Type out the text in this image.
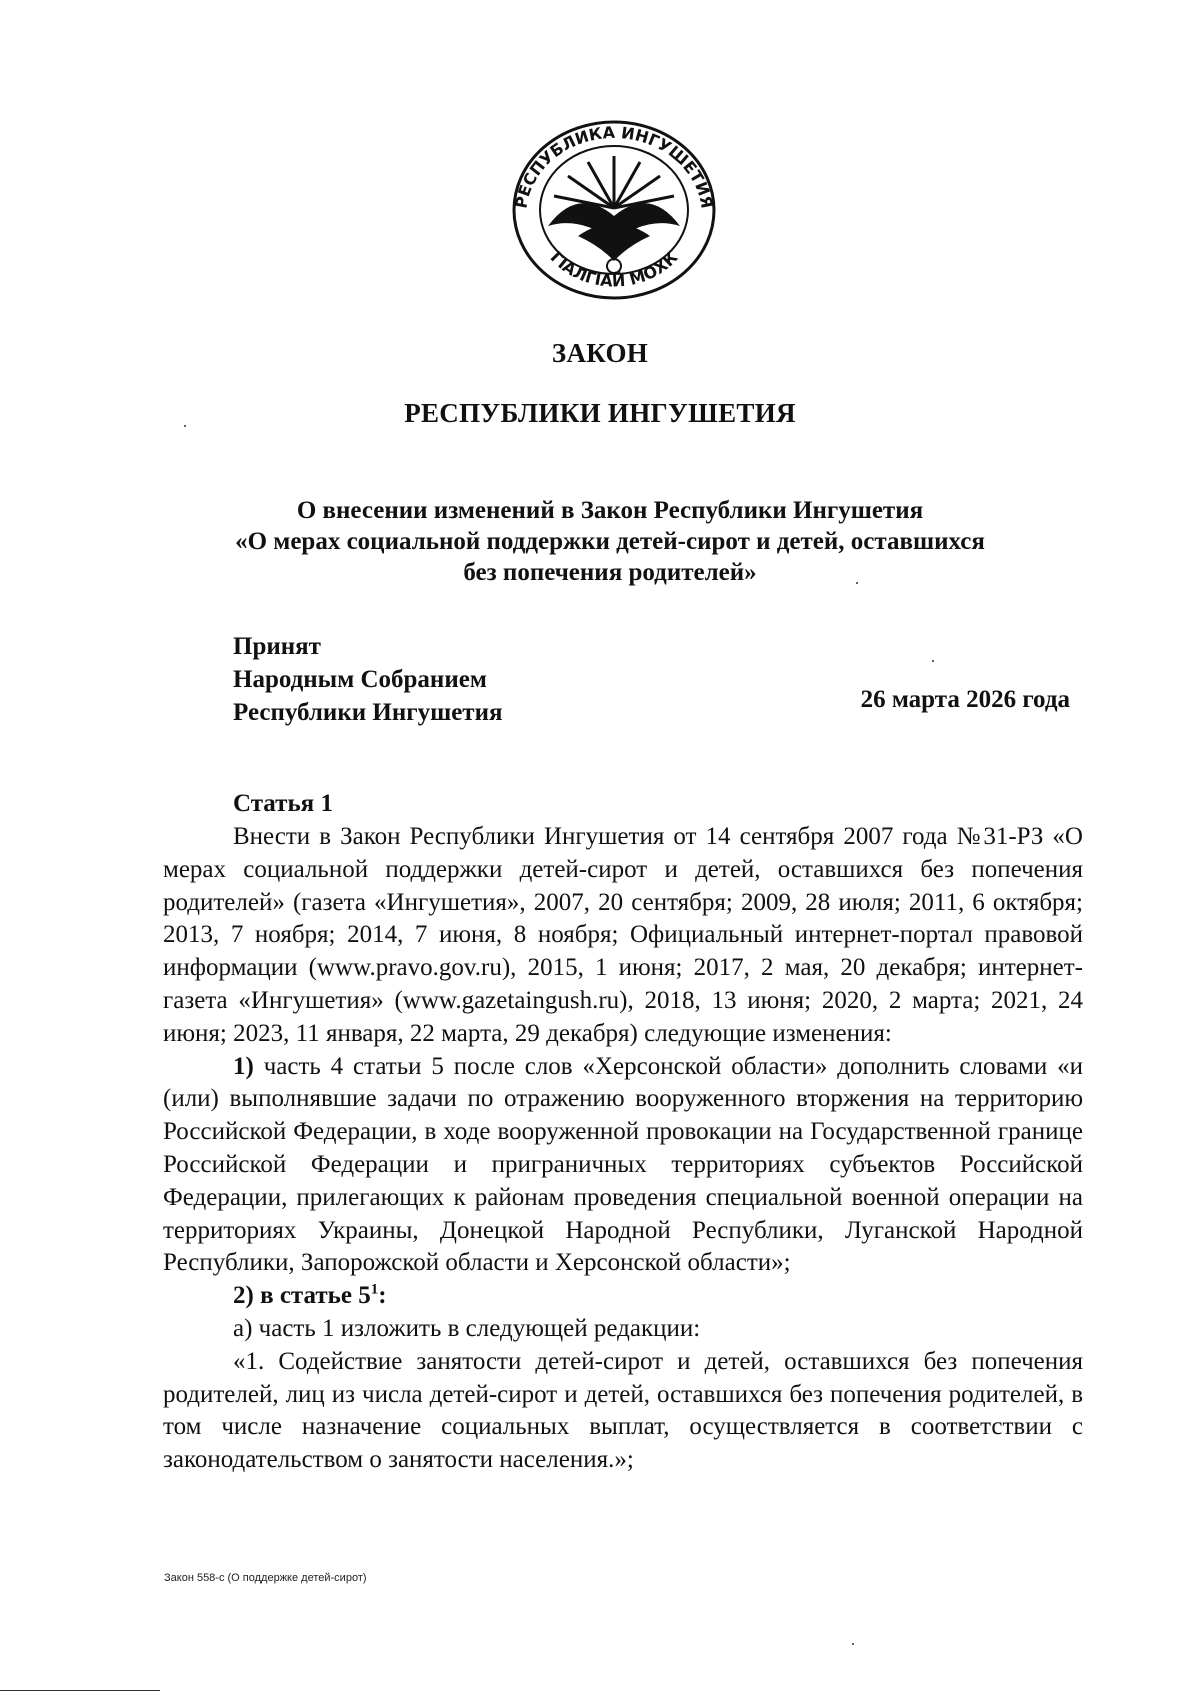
РЕСПУБЛИКА ИНГУШЕТИЯ
ГІАЛГІАЙ МОХК
ЗАКОН
РЕСПУБЛИКИ ИНГУШЕТИЯ
О внесении изменений в Закон Республики Ингушетия
«О мерах социальной поддержки детей-сирот и детей, оставшихся
без попечения родителей»
Принят
Народным Собранием
Республики Ингушетия	26 марта 2026 года
Статья 1

Внести в Закон Республики Ингушетия от 14 сентября 2007 года №31-РЗ «О мерах социальной поддержки детей-сирот и детей, оставшихся без попечения родителей» (газета «Ингушетия», 2007, 20 сентября; 2009, 28 июля; 2011, 6 октября; 2013, 7 ноября; 2014, 7 июня, 8 ноября; Официальный интернет-портал правовой информации (www.pravo.gov.ru), 2015, 1 июня; 2017, 2 мая, 20 декабря; интернет-газета «Ингушетия» (www.gazetaingush.ru), 2018, 13 июня; 2020, 2 марта; 2021, 24 июня; 2023, 11 января, 22 марта, 29 декабря) следующие изменения:

1) часть 4 статьи 5 после слов «Херсонской области» дополнить словами «и (или) выполнявшие задачи по отражению вооруженного вторжения на территорию Российской Федерации, в ходе вооруженной провокации на Государственной границе Российской Федерации и приграничных территориях субъектов Российской Федерации, прилегающих к районам проведения специальной военной операции на территориях Украины, Донецкой Народной Республики, Луганской Народной Республики, Запорожской области и Херсонской области»;

2) в статье $5^1$:

а) часть 1 изложить в следующей редакции:

«1. Содействие занятости детей-сирот и детей, оставшихся без попечения родителей, лиц из числа детей-сирот и детей, оставшихся без попечения родителей, в том числе назначение социальных выплат, осуществляется в соответствии с законодательством о занятости населения.»;

Закон 558-с (О поддержке детей-сирот)
